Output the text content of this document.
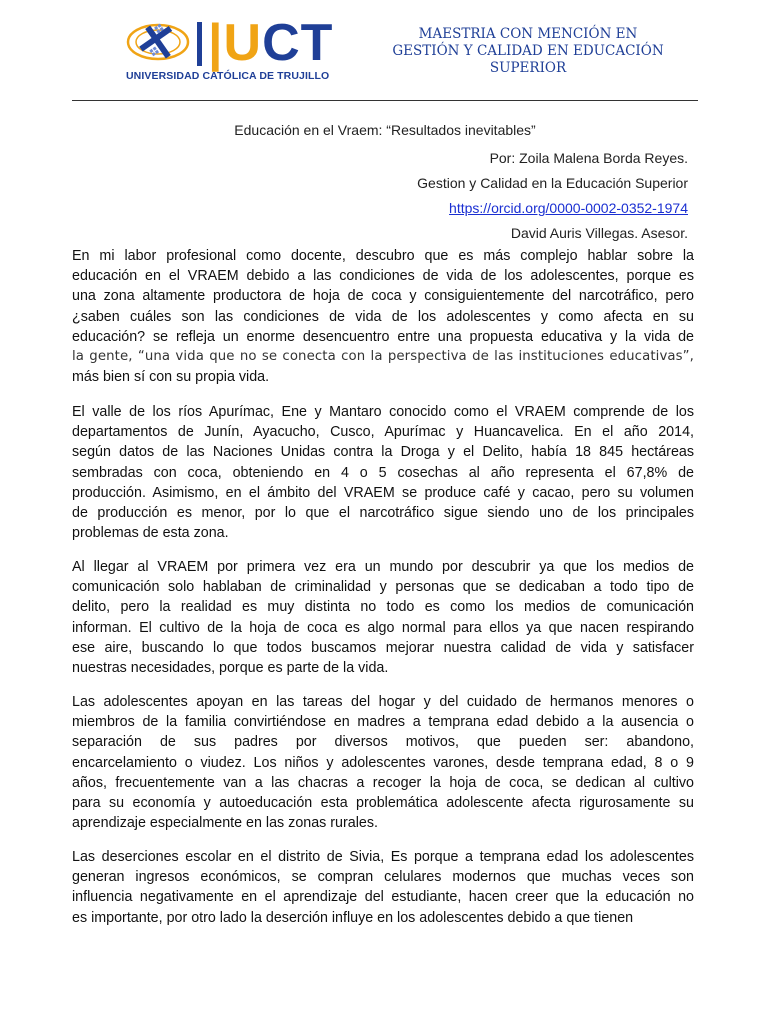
|UCT
UNIVERSIDAD CATÓLICA DE TRUJILLO
MAESTRIA CON MENCIÓN EN
GESTIÓN Y CALIDAD EN EDUCACIÓN
SUPERIOR
Educación en el Vraem: “Resultados inevitables”
Por: Zoila Malena Borda Reyes.
Gestion y Calidad en la Educación Superior
https://orcid.org/0000-0002-0352-1974
David Auris Villegas. Asesor.
En mi labor profesional como docente, descubro que es más complejo hablar sobre la
educación en el VRAEM debido a las condiciones de vida de los adolescentes, porque es
una zona altamente productora de hoja de coca y consiguientemente del narcotráfico, pero
¿saben cuáles son las condiciones de vida de los adolescentes y como afecta en su
educación? se refleja un enorme desencuentro entre una propuesta educativa y la vida de
la gente, “una vida que no se conecta con la perspectiva de las instituciones educativas”,
más bien sí con su propia vida.
El valle de los ríos Apurímac, Ene y Mantaro conocido como el VRAEM comprende de los
departamentos de Junín, Ayacucho, Cusco, Apurímac y Huancavelica. En el año 2014,
según datos de las Naciones Unidas contra la Droga y el Delito, había 18 845 hectáreas
sembradas con coca, obteniendo en 4 o 5 cosechas al año representa el 67,8% de
producción. Asimismo, en el ámbito del VRAEM se produce café y cacao, pero su volumen
de producción es menor, por lo que el narcotráfico sigue siendo uno de los principales
problemas de esta zona.
Al llegar al VRAEM por primera vez era un mundo por descubrir ya que los medios de
comunicación solo hablaban de criminalidad y personas que se dedicaban a todo tipo de
delito, pero la realidad es muy distinta no todo es como los medios de comunicación
informan. El cultivo de la hoja de coca es algo normal para ellos ya que nacen respirando
ese aire, buscando lo que todos buscamos mejorar nuestra calidad de vida y satisfacer
nuestras necesidades, porque es parte de la vida.
Las adolescentes apoyan en las tareas del hogar y del cuidado de hermanos menores o
miembros de la familia convirtiéndose en madres a temprana edad debido a la ausencia o
separación de sus padres por diversos motivos, que pueden ser: abandono,
encarcelamiento o viudez. Los niños y adolescentes varones, desde temprana edad, 8 o 9
años, frecuentemente van a las chacras a recoger la hoja de coca, se dedican al cultivo
para su economía y autoeducación esta problemática adolescente afecta rigurosamente su
aprendizaje especialmente en las zonas rurales.
Las deserciones escolar en el distrito de Sivia, Es porque a temprana edad los adolescentes
generan ingresos económicos, se compran celulares modernos que muchas veces son
influencia negativamente en el aprendizaje del estudiante, hacen creer que la educación no
es importante, por otro lado la deserción influye en los adolescentes debido a que tienen
